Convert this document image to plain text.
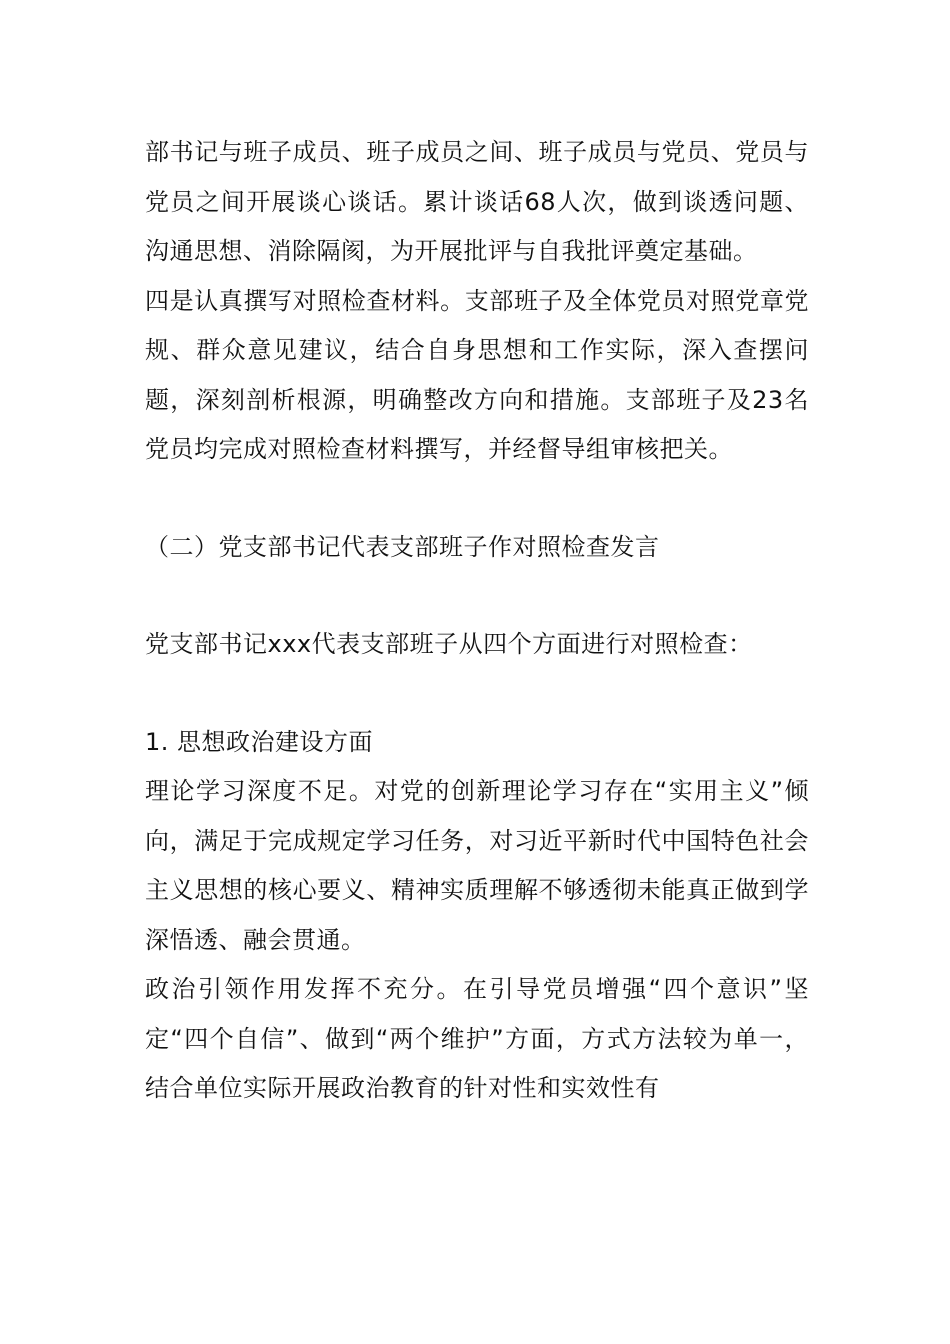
部书记与班子成员、班子成员之间、班子成员与党员、党员与党员之间开展谈心谈话。累计谈话68人次，做到谈透问题、沟通思想、消除隔阂，为开展批评与自我批评奠定基础。

四是认真撰写对照检查材料。支部班子及全体党员对照党章党规、群众意见建议，结合自身思想和工作实际，深入查摆问题，深刻剖析根源，明确整改方向和措施。支部班子及23名党员均完成对照检查材料撰写，并经督导组审核把关。

（二）党支部书记代表支部班子作对照检查发言

党支部书记xxx代表支部班子从四个方面进行对照检查：

1. 思想政治建设方面

理论学习深度不足。对党的创新理论学习存在“实用主义”倾向，满足于完成规定学习任务，对习近平新时代中国特色社会主义思想的核心要义、精神实质理解不够透彻未能真正做到学深悟透、融会贯通。

政治引领作用发挥不充分。在引导党员增强“四个意识”坚定“四个自信”、做到“两个维护”方面，方式方法较为单一，结合单位实际开展政治教育的针对性和实效性有
